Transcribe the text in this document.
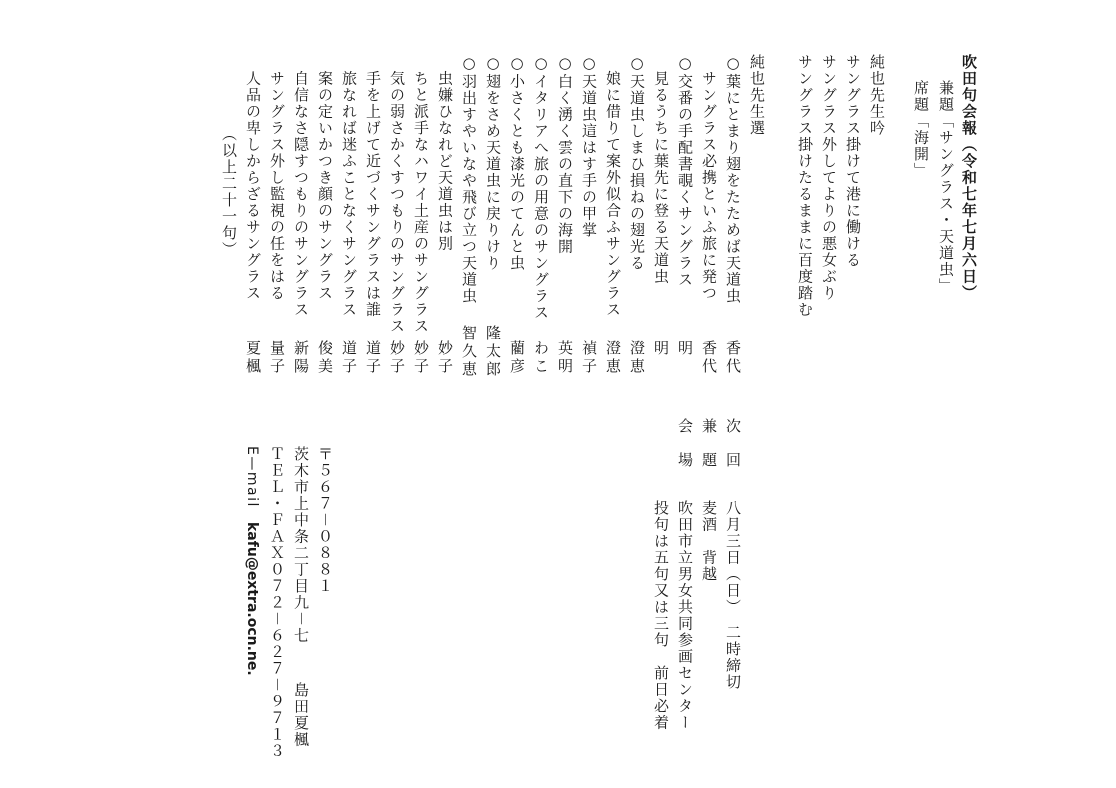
吹田句会報（令和七年七月六日）
兼題「サングラス・天道虫」
席題「海開」
純也先生吟
サングラス掛けて港に働ける
サングラス外してよりの悪女ぶり
サングラス掛けたるままに百度踏む
純也先生選
○葉にとまり翅をたためば天道虫
香代
　サングラス必携といふ旅に発つ
香代
○交番の手配書覗くサングラス
明
　見るうちに葉先に登る天道虫
明
○天道虫しまひ損ねの翅光る
澄恵
　娘に借りて案外似合ふサングラス
澄恵
○天道虫這はす手の甲掌
禎子
○白く湧く雲の直下の海開
英明
○イタリアへ旅の用意のサングラス
わこ
○小さくとも漆光のてんと虫
藺彦
○翅をさめ天道虫に戻りけり
隆太郎
○羽出すやいなや飛び立つ天道虫
智久恵
　虫嫌ひなれど天道虫は別
妙子
　ちと派手なハワイ土産のサングラス
妙子
　気の弱さかくすつもりのサングラス
妙子
　手を上げて近づくサングラスは誰
道子
　旅なれば迷ふことなくサングラス
道子
　案の定いかつき顔のサングラス
俊美
　自信なさ隠すつもりのサングラス
新陽
　サングラス外し監視の任をはる
量子
　人品の卑しからざるサングラス
夏楓
（以上二十一句）
次　回
八月三日（日）　二時締切
兼　題
麦酒　背越
会　場
吹田市立男女共同参画センター
投句は五句又は三句　前日必着
〒５６７－０８８１
茨木市上中条二丁目九－七
島田夏楓
ＴＥＬ・ＦＡＸ０７２－６２７－９７１３
E—mail
kafu@extra.ocn.ne.
